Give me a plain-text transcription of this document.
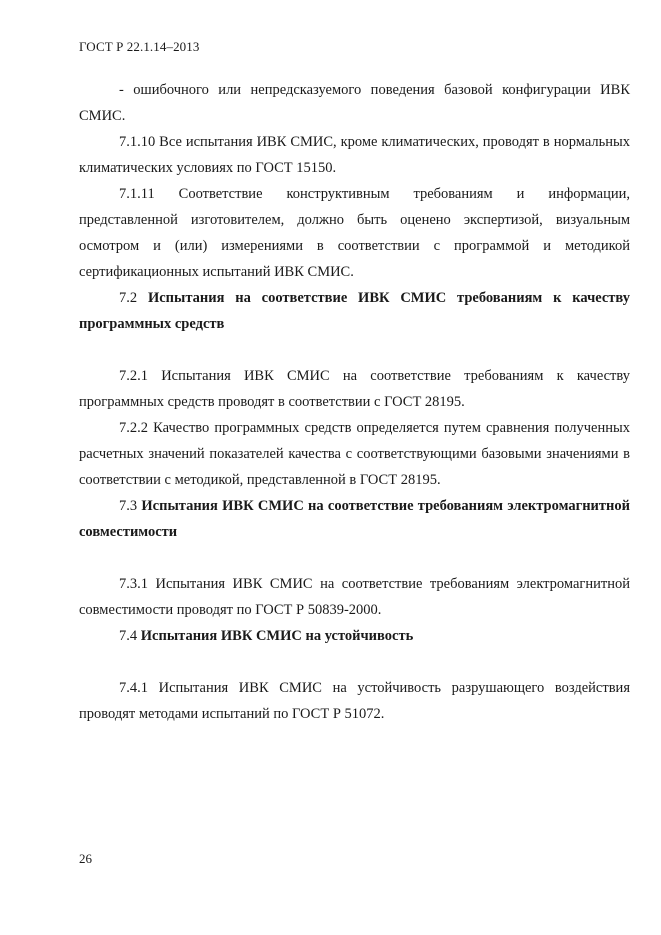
ГОСТ Р 22.1.14–2013

- ошибочного или непредсказуемого поведения базовой конфигурации ИВК СМИС.

7.1.10 Все испытания ИВК СМИС, кроме климатических, проводят в нормальных климатических условиях по ГОСТ 15150.

7.1.11 Соответствие конструктивным требованиям и информации, представленной изготовителем, должно быть оценено экспертизой, визуальным осмотром и (или) измерениями в соответствии с программой и методикой сертификационных испытаний ИВК СМИС.

7.2 Испытания на соответствие ИВК СМИС требованиям к качеству программных средств

7.2.1 Испытания ИВК СМИС на соответствие требованиям к качеству программных средств проводят в соответствии с ГОСТ 28195.

7.2.2 Качество программных средств определяется путем сравнения полученных расчетных значений показателей качества с соответствующими базовыми значениями в соответствии с методикой, представленной в ГОСТ 28195.

7.3 Испытания ИВК СМИС на соответствие требованиям электромагнитной совместимости

7.3.1 Испытания ИВК СМИС на соответствие требованиям электромагнитной совместимости проводят по ГОСТ Р 50839-2000.

7.4 Испытания ИВК СМИС на устойчивость

7.4.1 Испытания ИВК СМИС на устойчивость разрушающего воздействия проводят методами испытаний по ГОСТ Р 51072.

26
